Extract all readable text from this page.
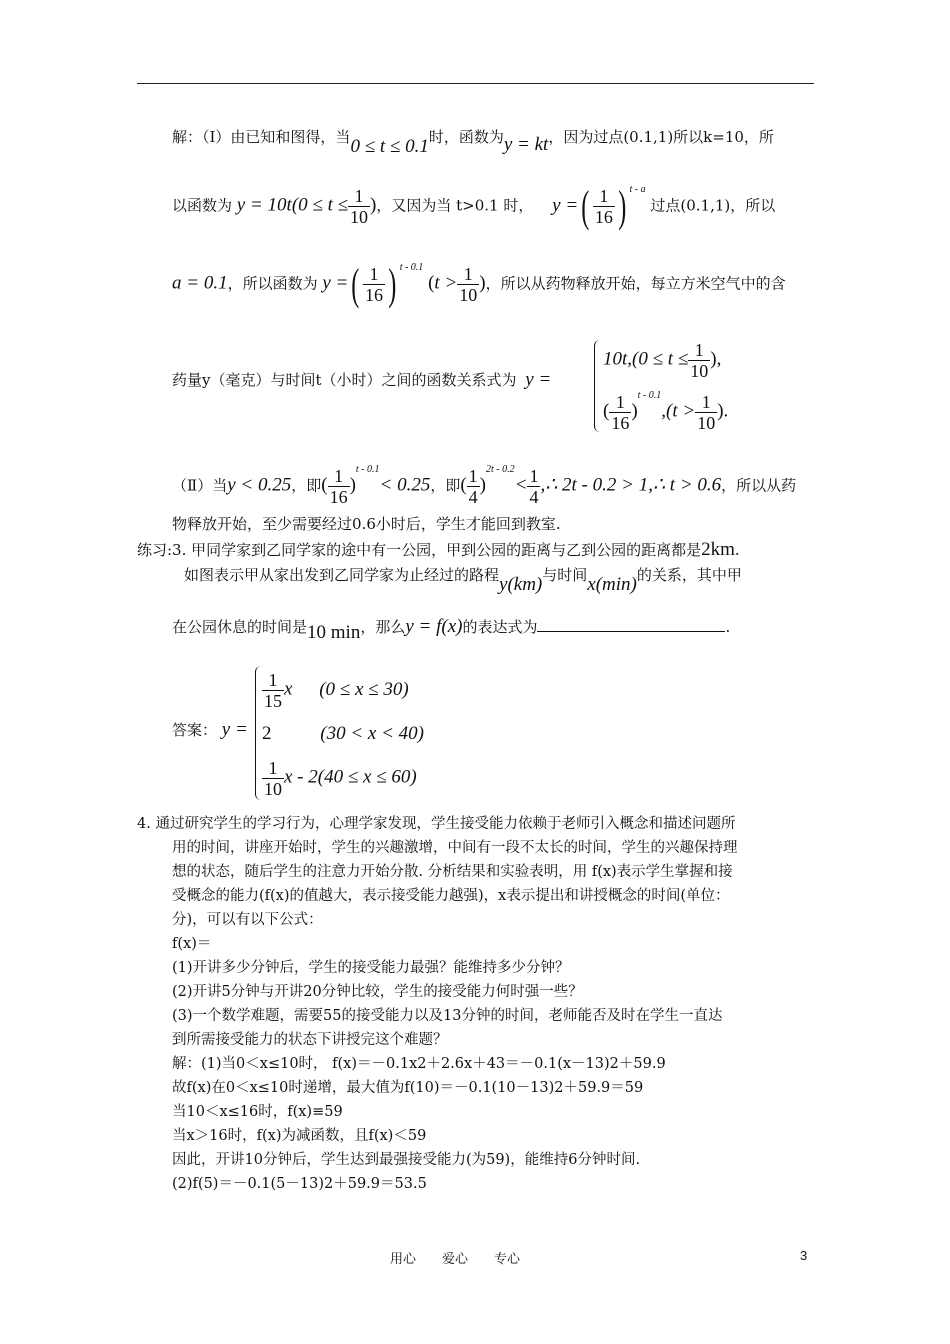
解：（Ⅰ）由已知和图得，当0 ≤ t ≤ 0.1时，函数为y = kt，因为过点(0.1,1)所以k=10，所
以函数为 $y = 10t(0 \le t \le \frac{1}{10}$ )，又因为当 t>0.1 时， y =( $\frac{1}{16}$ ) $^{t - a}$ 过点(0.1,1)，所以
a = 0.1，所以函数为 y =( $\frac{1}{16}$ ) $^{t - 0.1}$ ($t > \frac{1}{10}$ )，所以从药物释放开始，每立方米空气中的含
药量y（毫克）与时间t（小时）之间的函数关系式为 y =
$10t,(0 \le t \le \frac{1}{10}$ ),
( $\frac{1}{16} )^{t - 0.1},(t > \frac{1}{10}$ ).
（Ⅱ）当y < 0.25，即( $\frac{1}{16} )^{t - 0.1}< 0.25$，即( $\frac{1}{4} )^{2t - 0.2}< \frac{1}{4}$ ,∴ 2t - 0.2 > 1,∴ t > 0.6，所以从药
物释放开始，至少需要经过0.6小时后，学生才能回到教室.
练习:3. 甲同学家到乙同学家的途中有一公园，甲到公园的距离与乙到公园的距离都是2km.
如图表示甲从家出发到乙同学家为止经过的路程y(km)与时间x(min)的关系，其中甲
在公园休息的时间是10 min，那么y = f(x)的表达式为	.
答案： y =
$\frac{1}{15}$ x (0 ≤ x ≤ 30)
2	(30 < x < 40)
$\frac{1}{10}$ x - 2(40 ≤ x ≤ 60)
4. 通过研究学生的学习行为，心理学家发现，学生接受能力依赖于老师引入概念和描述问题所
用的时间，讲座开始时，学生的兴趣激增，中间有一段不太长的时间，学生的兴趣保持理
想的状态，随后学生的注意力开始分散. 分析结果和实验表明，用 f(x)表示学生掌握和接
受概念的能力(f(x)的值越大，表示接受能力越强)，x表示提出和讲授概念的时间(单位：
分)，可以有以下公式：
f(x)＝
(1)开讲多少分钟后，学生的接受能力最强？能维持多少分钟？
(2)开讲5分钟与开讲20分钟比较，学生的接受能力何时强一些？
(3)一个数学难题，需要55的接受能力以及13分钟的时间，老师能否及时在学生一直达
到所需接受能力的状态下讲授完这个难题？
解：(1)当0＜x≤10时， f(x)＝－0.1x2＋2.6x＋43＝－0.1(x－13)2＋59.9
故f(x)在0＜x≤10时递增，最大值为f(10)＝－0.1(10－13)2＋59.9＝59
当10＜x≤16时，f(x)≡59
当x＞16时，f(x)为减函数，且f(x)＜59
因此，开讲10分钟后，学生达到最强接受能力(为59)，能维持6分钟时间.
(2)f(5)＝－0.1(5－13)2＋59.9＝53.5
用心　　爱心　　专心	3
